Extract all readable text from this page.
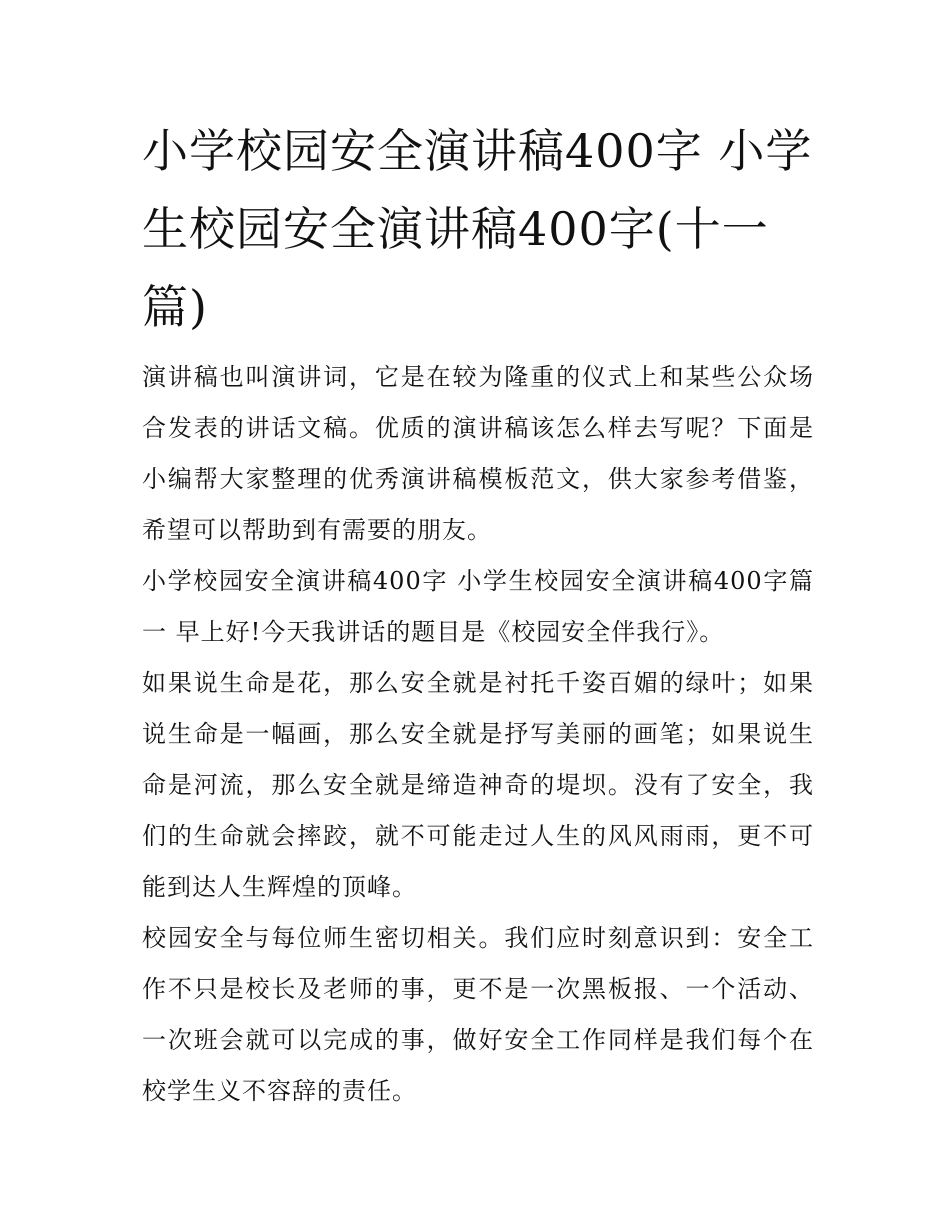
小学校园安全演讲稿400字 小学生校园安全演讲稿400字(十一篇)

演讲稿也叫演讲词，它是在较为隆重的仪式上和某些公众场合发表的讲话文稿。优质的演讲稿该怎么样去写呢？下面是小编帮大家整理的优秀演讲稿模板范文，供大家参考借鉴，希望可以帮助到有需要的朋友。

小学校园安全演讲稿400字 小学生校园安全演讲稿400字篇一 早上好!今天我讲话的题目是《校园安全伴我行》。

如果说生命是花，那么安全就是衬托千姿百媚的绿叶；如果说生命是一幅画，那么安全就是抒写美丽的画笔；如果说生命是河流，那么安全就是缔造神奇的堤坝。没有了安全，我们的生命就会摔跤，就不可能走过人生的风风雨雨，更不可能到达人生辉煌的顶峰。

校园安全与每位师生密切相关。我们应时刻意识到：安全工作不只是校长及老师的事，更不是一次黑板报、一个活动、一次班会就可以完成的事，做好安全工作同样是我们每个在校学生义不容辞的责任。
